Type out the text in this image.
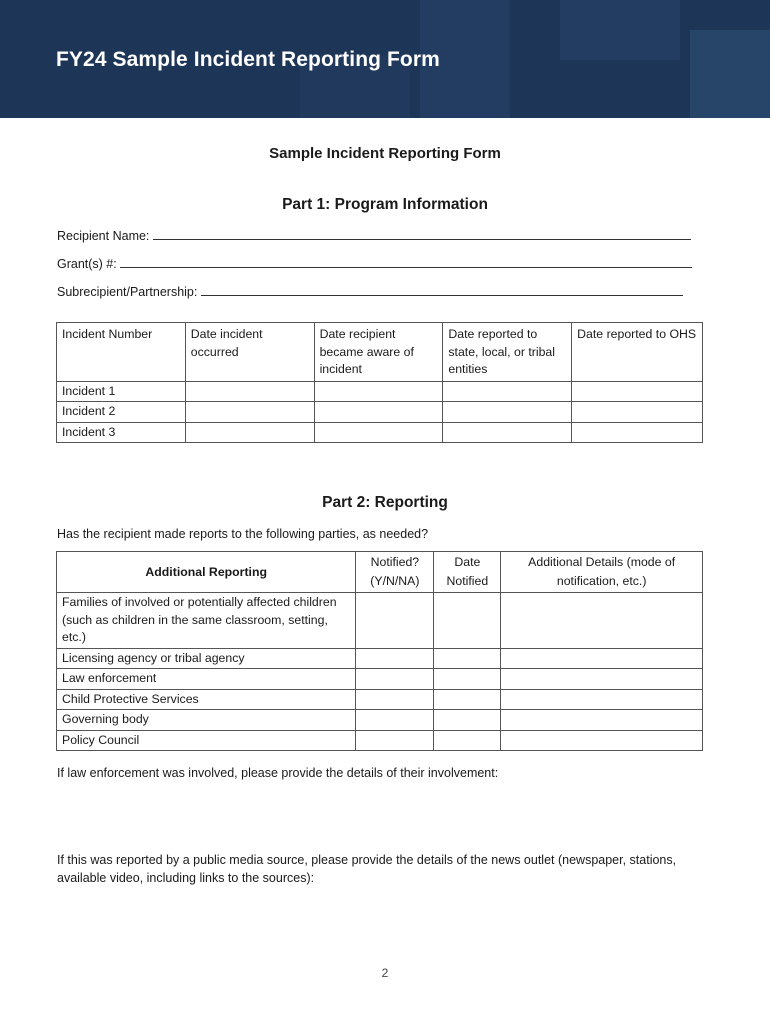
FY24 Sample Incident Reporting Form
Sample Incident Reporting Form
Part 1: Program Information
Recipient Name:
Grant(s) #:
Subrecipient/Partnership:
Incident Number	Date incident occurred	Date recipient became aware of incident	Date reported to state, local, or tribal entities	Date reported to OHS
Incident 1				
Incident 2				
Incident 3				
Part 2: Reporting
Has the recipient made reports to the following parties, as needed?
Additional Reporting	Notified? (Y/N/NA)	Date Notified	Additional Details (mode of notification, etc.)
Families of involved or potentially affected children (such as children in the same classroom, setting, etc.)			
Licensing agency or tribal agency			
Law enforcement			
Child Protective Services			
Governing body			
Policy Council			
If law enforcement was involved, please provide the details of their involvement:
If this was reported by a public media source, please provide the details of the news outlet (newspaper, stations, available video, including links to the sources):
2
